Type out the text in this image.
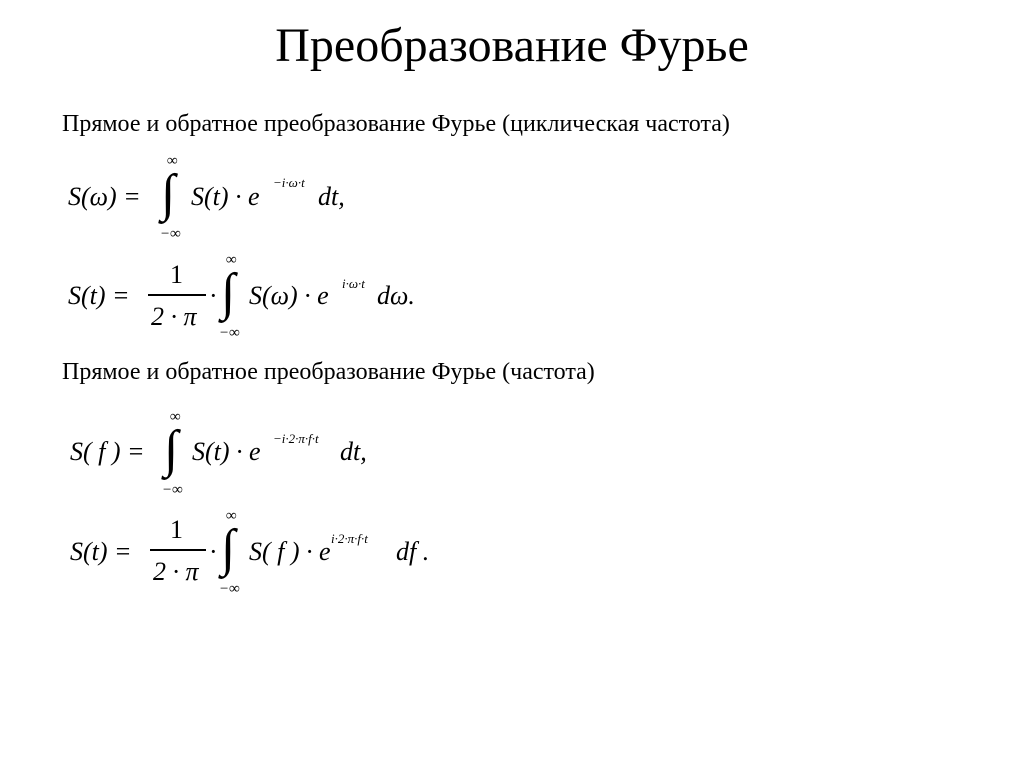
Преобразование Фурье
Прямое и обратное преобразование Фурье (циклическая частота)
S(ω) =
∞
∫
−∞
S(t) · e −i·ω·t dt,
S(t) =
1
2 · π
·
∞
∫
−∞
S(ω) · e i·ω·t dω.
Прямое и обратное преобразование Фурье (частота)
S( f ) =
∞
∫
−∞
S(t) · e −i·2·π·f·t dt,
S(t) =
1
2 · π
·
∞
∫
−∞
S( f ) · e i·2·π·f·t df .
